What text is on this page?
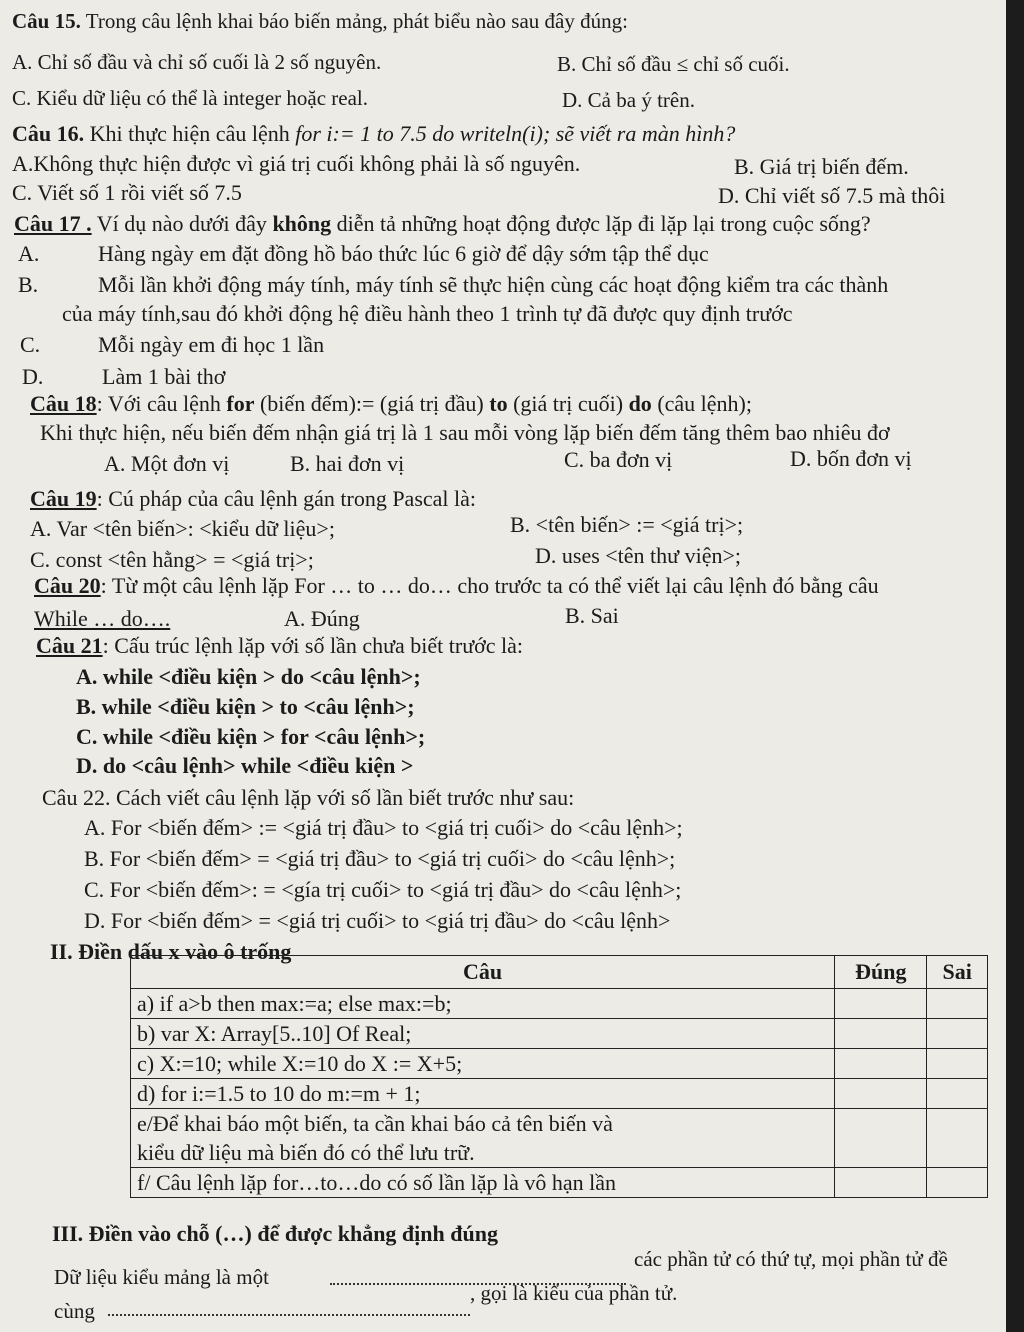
Câu 15. Trong câu lệnh khai báo biến mảng, phát biểu nào sau đây đúng:
A. Chỉ số đầu và chỉ số cuối là 2 số nguyên.	B. Chỉ số đầu ≤ chỉ số cuối.
C. Kiểu dữ liệu có thể là integer hoặc real.	D. Cả ba ý trên.
Câu 16. Khi thực hiện câu lệnh for i:= 1 to 7.5 do writeln(i); sẽ viết ra màn hình?
A.Không thực hiện được vì giá trị cuối không phải là số nguyên.	B. Giá trị biến đếm.
C. Viết số 1 rồi viết số 7.5	D. Chỉ viết số 7.5 mà thôi
Câu 17 . Ví dụ nào dưới đây không diễn tả những hoạt động được lặp đi lặp lại trong cuộc sống?
A.	Hàng ngày em đặt đồng hồ báo thức lúc 6 giờ để dậy sớm tập thể dục
B.	Mỗi lần khởi động máy tính, máy tính sẽ thực hiện cùng các hoạt động kiểm tra các thành
của máy tính,sau đó khởi động hệ điều hành theo 1 trình tự đã được quy định trước
C.	Mỗi ngày em đi học 1 lần
D.	Làm 1 bài thơ
Câu 18: Với câu lệnh for (biến đếm):= (giá trị đầu) to (giá trị cuối) do (câu lệnh);
Khi thực hiện, nếu biến đếm nhận giá trị là 1 sau mỗi vòng lặp biến đếm tăng thêm bao nhiêu đơ
A. Một đơn vị	B. hai đơn vị	C. ba đơn vị	D. bốn đơn vị
Câu 19: Cú pháp của câu lệnh gán trong Pascal là:
A. Var <tên biến>: <kiểu dữ liệu>;	B. <tên biến> := <giá trị>;
C. const <tên hằng> = <giá trị>;	D. uses <tên thư viện>;
Câu 20: Từ một câu lệnh lặp For … to … do… cho trước ta có thể viết lại câu lệnh đó bằng câu
While … do….	A. Đúng	B. Sai
Câu 21: Cấu trúc lệnh lặp với số lần chưa biết trước là:
A. while <điều kiện > do <câu lệnh>;
B. while <điều kiện > to <câu lệnh>;
C. while <điều kiện > for <câu lệnh>;
D. do <câu lệnh> while <điều kiện >
Câu 22. Cách viết câu lệnh lặp với số lần biết trước như sau:
A. For <biến đếm> := <giá trị đầu> to <giá trị cuối> do <câu lệnh>;
B. For <biến đếm> = <giá trị đầu> to <giá trị cuối> do <câu lệnh>;
C. For <biến đếm>: = <gía trị cuối> to <giá trị đầu> do <câu lệnh>;
D. For <biến đếm> = <giá trị cuối> to <giá trị đầu> do <câu lệnh>
II. Điền dấu x vào ô trống
Câu	Đúng	Sai
a) if a>b then max:=a; else max:=b;		
b) var X: Array[5..10] Of Real;		
c) X:=10; while X:=10 do X := X+5;		
d) for i:=1.5 to 10 do m:=m + 1;		
e/Để khai báo một biến, ta cần khai báo cả tên biến và
kiểu dữ liệu mà biến đó có thể lưu trữ.		
f/ Câu lệnh lặp for…to…do có số lần lặp là vô hạn lần		
III. Điền vào chỗ (…) để được khẳng định đúng
Dữ liệu kiểu mảng là một
các phần tử có thứ tự, mọi phần tử đề
cùng
, gọi là kiểu của phần tử.
